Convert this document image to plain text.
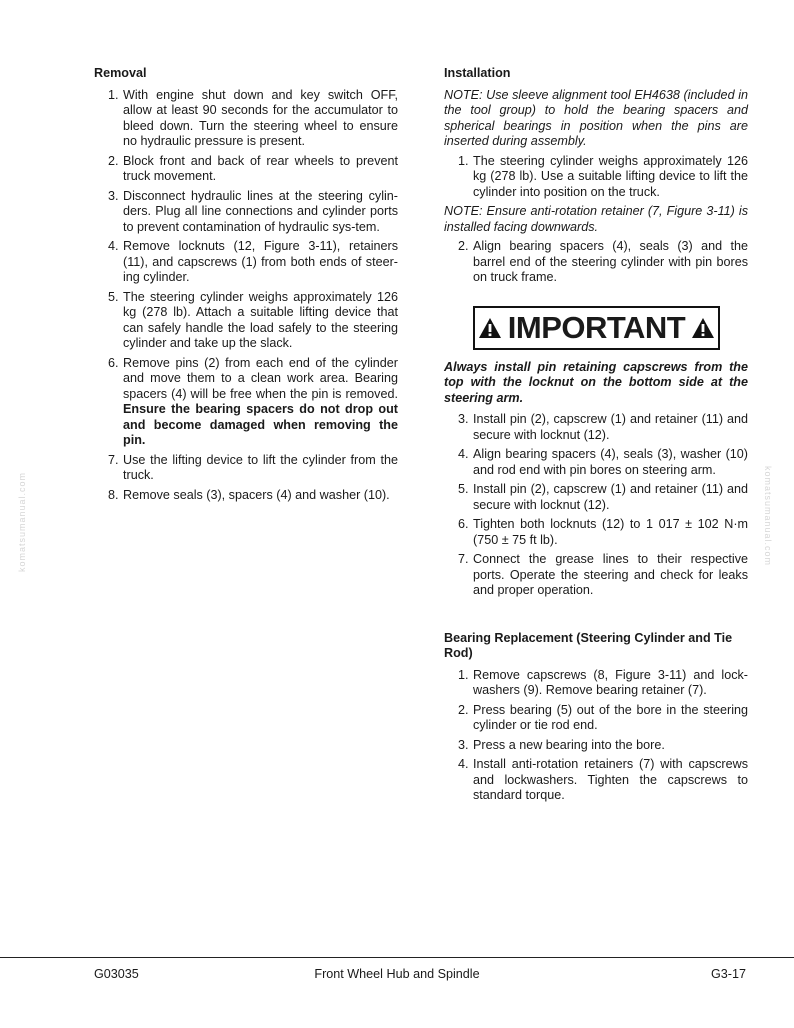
Removal
1. With engine shut down and key switch OFF, allow at least 90 seconds for the accumulator to bleed down. Turn the steering wheel to ensure no hydraulic pressure is present.
2. Block front and back of rear wheels to prevent truck movement.
3. Disconnect hydraulic lines at the steering cylin-ders. Plug all line connections and cylinder ports to prevent contamination of hydraulic sys-tem.
4. Remove locknuts (12, Figure 3-11), retainers (11), and capscrews (1) from both ends of steer-ing cylinder.
5. The steering cylinder weighs approximately 126 kg (278 lb). Attach a suitable lifting device that can safely handle the load safely to the steering cylinder and take up the slack.
6. Remove pins (2) from each end of the cylinder and move them to a clean work area. Bearing spacers (4) will be free when the pin is removed. Ensure the bearing spacers do not drop out and become damaged when removing the pin.
7. Use the lifting device to lift the cylinder from the truck.
8. Remove seals (3), spacers (4) and washer (10).
Installation

NOTE: Use sleeve alignment tool EH4638 (included in the tool group) to hold the bearing spacers and spherical bearings in position when the pins are inserted during assembly.

1. The steering cylinder weighs approximately 126 kg (278 lb). Use a suitable lifting device to lift the cylinder into position on the truck.

NOTE: Ensure anti-rotation retainer (7, Figure 3-11) is installed facing downwards.

2. Align bearing spacers (4), seals (3) and the barrel end of the steering cylinder with pin bores on truck frame.
IMPORTANT

Always install pin retaining capscrews from the top with the locknut on the bottom side at the steering arm.

3. Install pin (2), capscrew (1) and retainer (11) and secure with locknut (12).
4. Align bearing spacers (4), seals (3), washer (10) and rod end with pin bores on steering arm.
5. Install pin (2), capscrew (1) and retainer (11) and secure with locknut (12).
6. Tighten both locknuts (12) to 1 017 ± 102 N·m (750 ± 75 ft lb).
7. Connect the grease lines to their respective ports. Operate the steering and check for leaks and proper operation.
Bearing Replacement (Steering Cylinder and Tie Rod)
1. Remove capscrews (8, Figure 3-11) and lock-washers (9). Remove bearing retainer (7).
2. Press bearing (5) out of the bore in the steering cylinder or tie rod end.
3. Press a new bearing into the bore.
4. Install anti-rotation retainers (7) with capscrews and lockwashers. Tighten the capscrews to standard torque.
komatsumanual.com	komatsumanual.com
G03035	Front Wheel Hub and Spindle	G3-17
